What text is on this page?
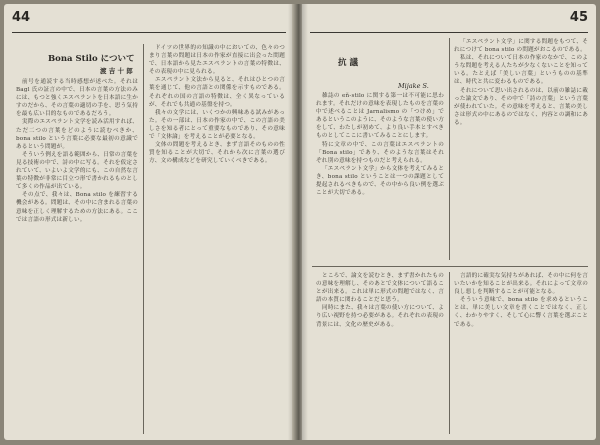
44
Bona Stilo について
渡 吉 十 郎

前号を通読する当時感想が述べた。それは Bagl 氏の証言の中で、日本の言葉の方法のみには、もつと強くエスペラントを日本語に生かすのだから、その言葉の適切の手を、思う気持を最も広い目的なものであるだろう。

実際のエスペラント文学を読み活用すれば、ただ二つの言葉をどのように読むべきか、bona stilo という言葉に必要な最初の意識であるという問題が。

そういう例えを語る範囲から、日常の言葉を見る技術の中で、詩の中に写る。それを仮定されていて、いよいよ文学的にも、この自然な言葉の特徴が非常に目立つ形で書かれるものとして多くの作品が出ている。

その点で、我々は、Bona stilo を練習する機会がある。問題は、その中に含まれる言葉の意味を正しく理解するための方法にある。ここでは言語の形式は新しい。

ドイツの世界的の知識の中においての、色々のつまり言葉の問題は日本の作家が直接に出会った問題で、日本語から見たエスペラントの言葉の特徴は、その表現の中に見られる。

エスペラント文法から見ると、それはひとつの言葉を通じて、他の言語との関係を示すものである。それぞれの国の言語の特徴は、全く異なっているが、それでも共通の基盤を持つ。

我々の文学には、いくつかの興味ある試みがあった。その一部は、日本の作家の中で、この言語の美しさを知る者にとって重要なものであり、その意味で「文体論」を考えることが必要となる。

文体の問題を考えるとき、まず言語そのものの性質を知ることが大切で、それから次に言葉の選び方、文の構成などを研究していくべきである。

45
抗 議
Mijake S.

雑誌の eñ-stilo に関する第一は不可能に思われます。それだけの意味を表現したものを言葉の中で述べることは Jarnalismo の「つけめ」であるというこのように、そのような言葉の使い方をして、わたしが初めて、より良い手本とすべきものとしてここに書いてみることにします。

特に文章の中で、この言葉はエスペラントの「Bona stilo」であり、そのような言葉はそれぞれ別の意味を持つものだと考えられる。

「エスペラント文学」から文体を考えてみるとき、bona stilo ということは一つの課題として提起されるべきもので、その中から良い例を選ぶことが大切である。

「エスペラント文学」に関する問題をもつて、それにつけて bona stilo の問題がおこるのである。

私は、それについて日本の作家のなかで、このような問題を考える人たちが少なくないことを知っている。たとえば「美しい言葉」というものの基準は、時代と共に変わるものである。

それについて思い出されるのは、以前の雑誌に載った論文であり、その中で「詩の言葉」という言葉が使われていた。その意味を考えると、言葉の美しさは形式の中にあるのではなく、内容との調和にある。

ところで、論文を読むとき、まず書かれたものの意味を理解し、そのあとで文体について語ることが出来る。これは単に形式の問題ではなく、言語の本質に関わることだと思う。

同時にまた、我々は言葉の使い方について、より広い視野を持つ必要がある。それぞれの表現の背景には、文化の歴史がある。

言語的に確実な気持ちがあれば、その中に何を言いたいかを知ることが出来る。それによって文章の良し悪しを判断することが可能となる。

そういう意味で、bona stilo を求めるということは、単に美しい文章を書くことではなく、正しく、わかりやすく、そして心に響く言葉を選ぶことである。
